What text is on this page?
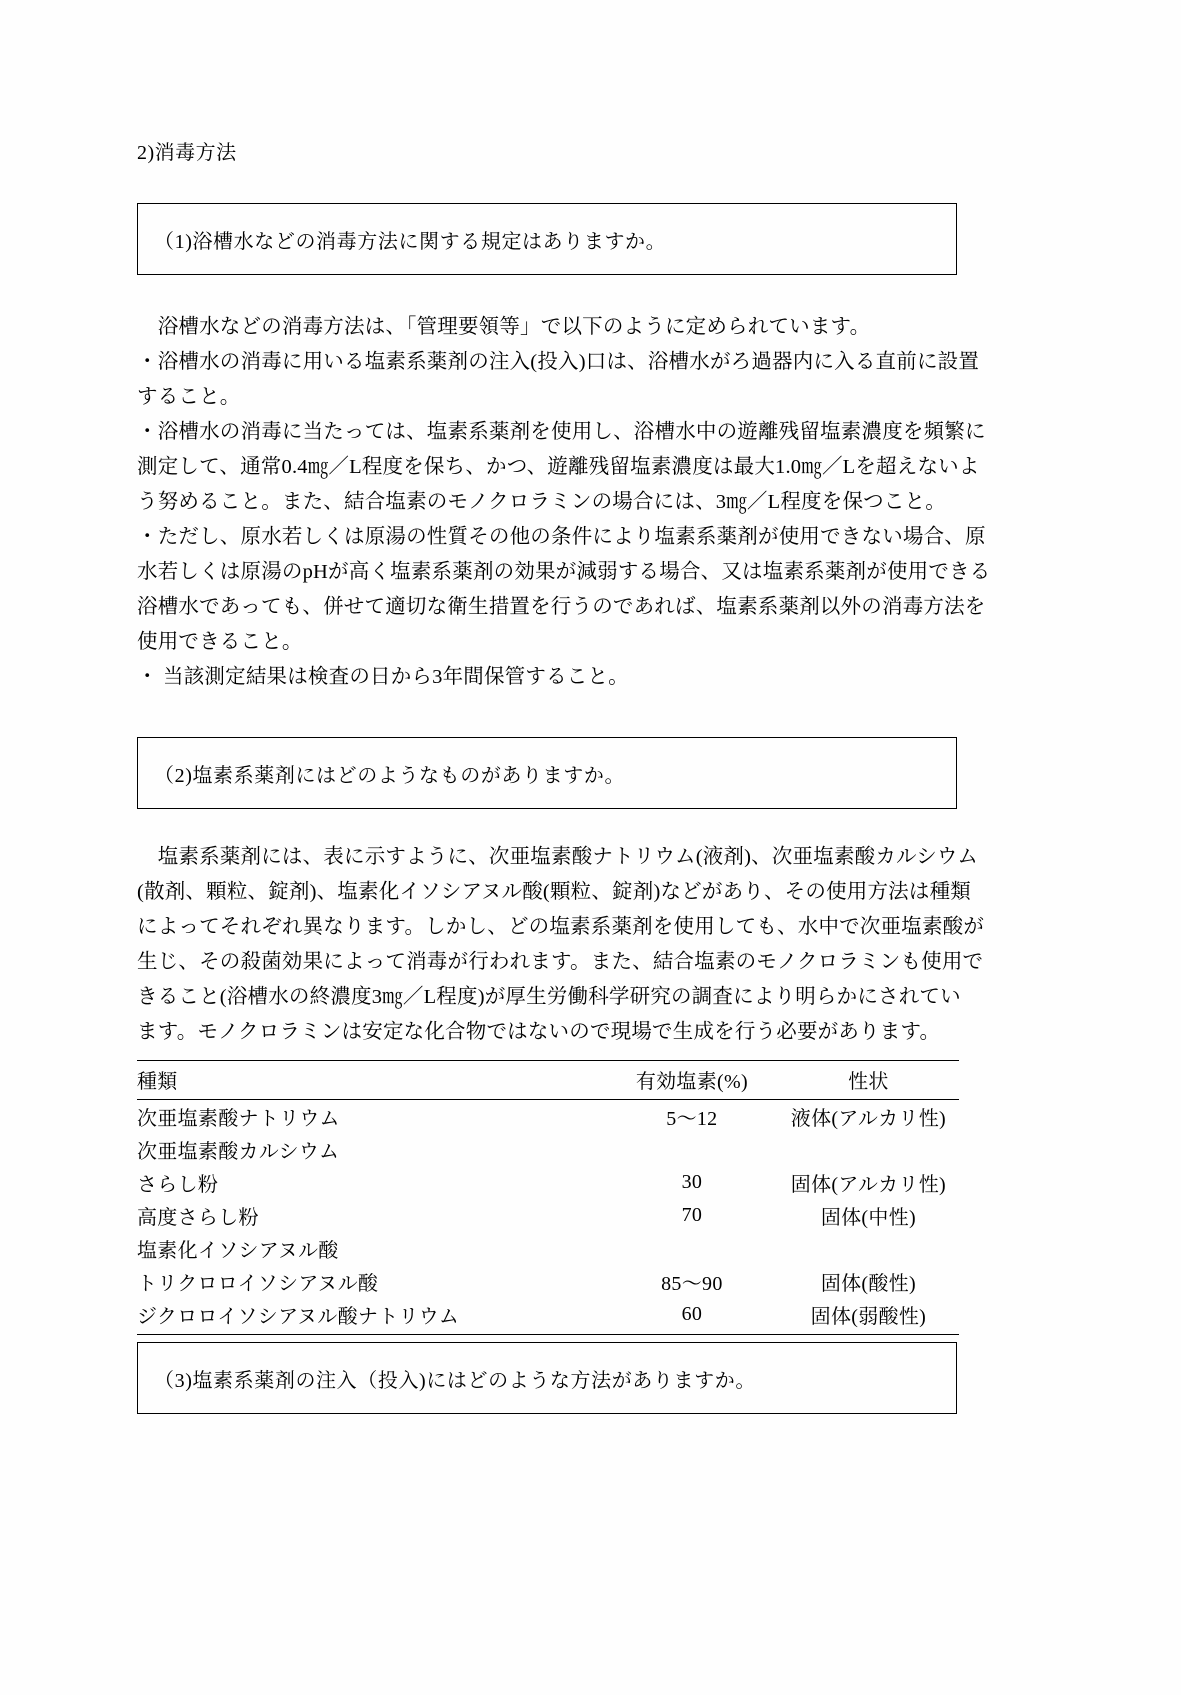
2)消毒方法
（1)浴槽水などの消毒方法に関する規定はありますか。
　浴槽水などの消毒方法は、「管理要領等」で以下のように定められています。
・浴槽水の消毒に用いる塩素系薬剤の注入(投入)口は、浴槽水がろ過器内に入る直前に設置
すること。
・浴槽水の消毒に当たっては、塩素系薬剤を使用し、浴槽水中の遊離残留塩素濃度を頻繁に
測定して、通常0.4㎎／L程度を保ち、かつ、遊離残留塩素濃度は最大1.0㎎／Lを超えないよ
う努めること。また、結合塩素のモノクロラミンの場合には、3㎎／L程度を保つこと。
・ただし、原水若しくは原湯の性質その他の条件により塩素系薬剤が使用できない場合、原
水若しくは原湯のpHが高く塩素系薬剤の効果が減弱する場合、又は塩素系薬剤が使用できる
浴槽水であっても、併せて適切な衛生措置を行うのであれば、塩素系薬剤以外の消毒方法を
使用できること。
・ 当該測定結果は検査の日から3年間保管すること。
（2)塩素系薬剤にはどのようなものがありますか。
　塩素系薬剤には、表に示すように、次亜塩素酸ナトリウム(液剤)、次亜塩素酸カルシウム
(散剤、顆粒、錠剤)、塩素化イソシアヌル酸(顆粒、錠剤)などがあり、その使用方法は種類
によってそれぞれ異なります。しかし、どの塩素系薬剤を使用しても、水中で次亜塩素酸が
生じ、その殺菌効果によって消毒が行われます。また、結合塩素のモノクロラミンも使用で
きること(浴槽水の終濃度3㎎／L程度)が厚生労働科学研究の調査により明らかにされてい
ます。モノクロラミンは安定な化合物ではないので現場で生成を行う必要があります。
種類	有効塩素(%)	性状
次亜塩素酸ナトリウム	5〜12	液体(アルカリ性)
次亜塩素酸カルシウム		
さらし粉	30	固体(アルカリ性)
高度さらし粉	70	固体(中性)
塩素化イソシアヌル酸		
トリクロロイソシアヌル酸	85〜90	固体(酸性)
ジクロロイソシアヌル酸ナトリウム	60	固体(弱酸性)
（3)塩素系薬剤の注入（投入)にはどのような方法がありますか。
